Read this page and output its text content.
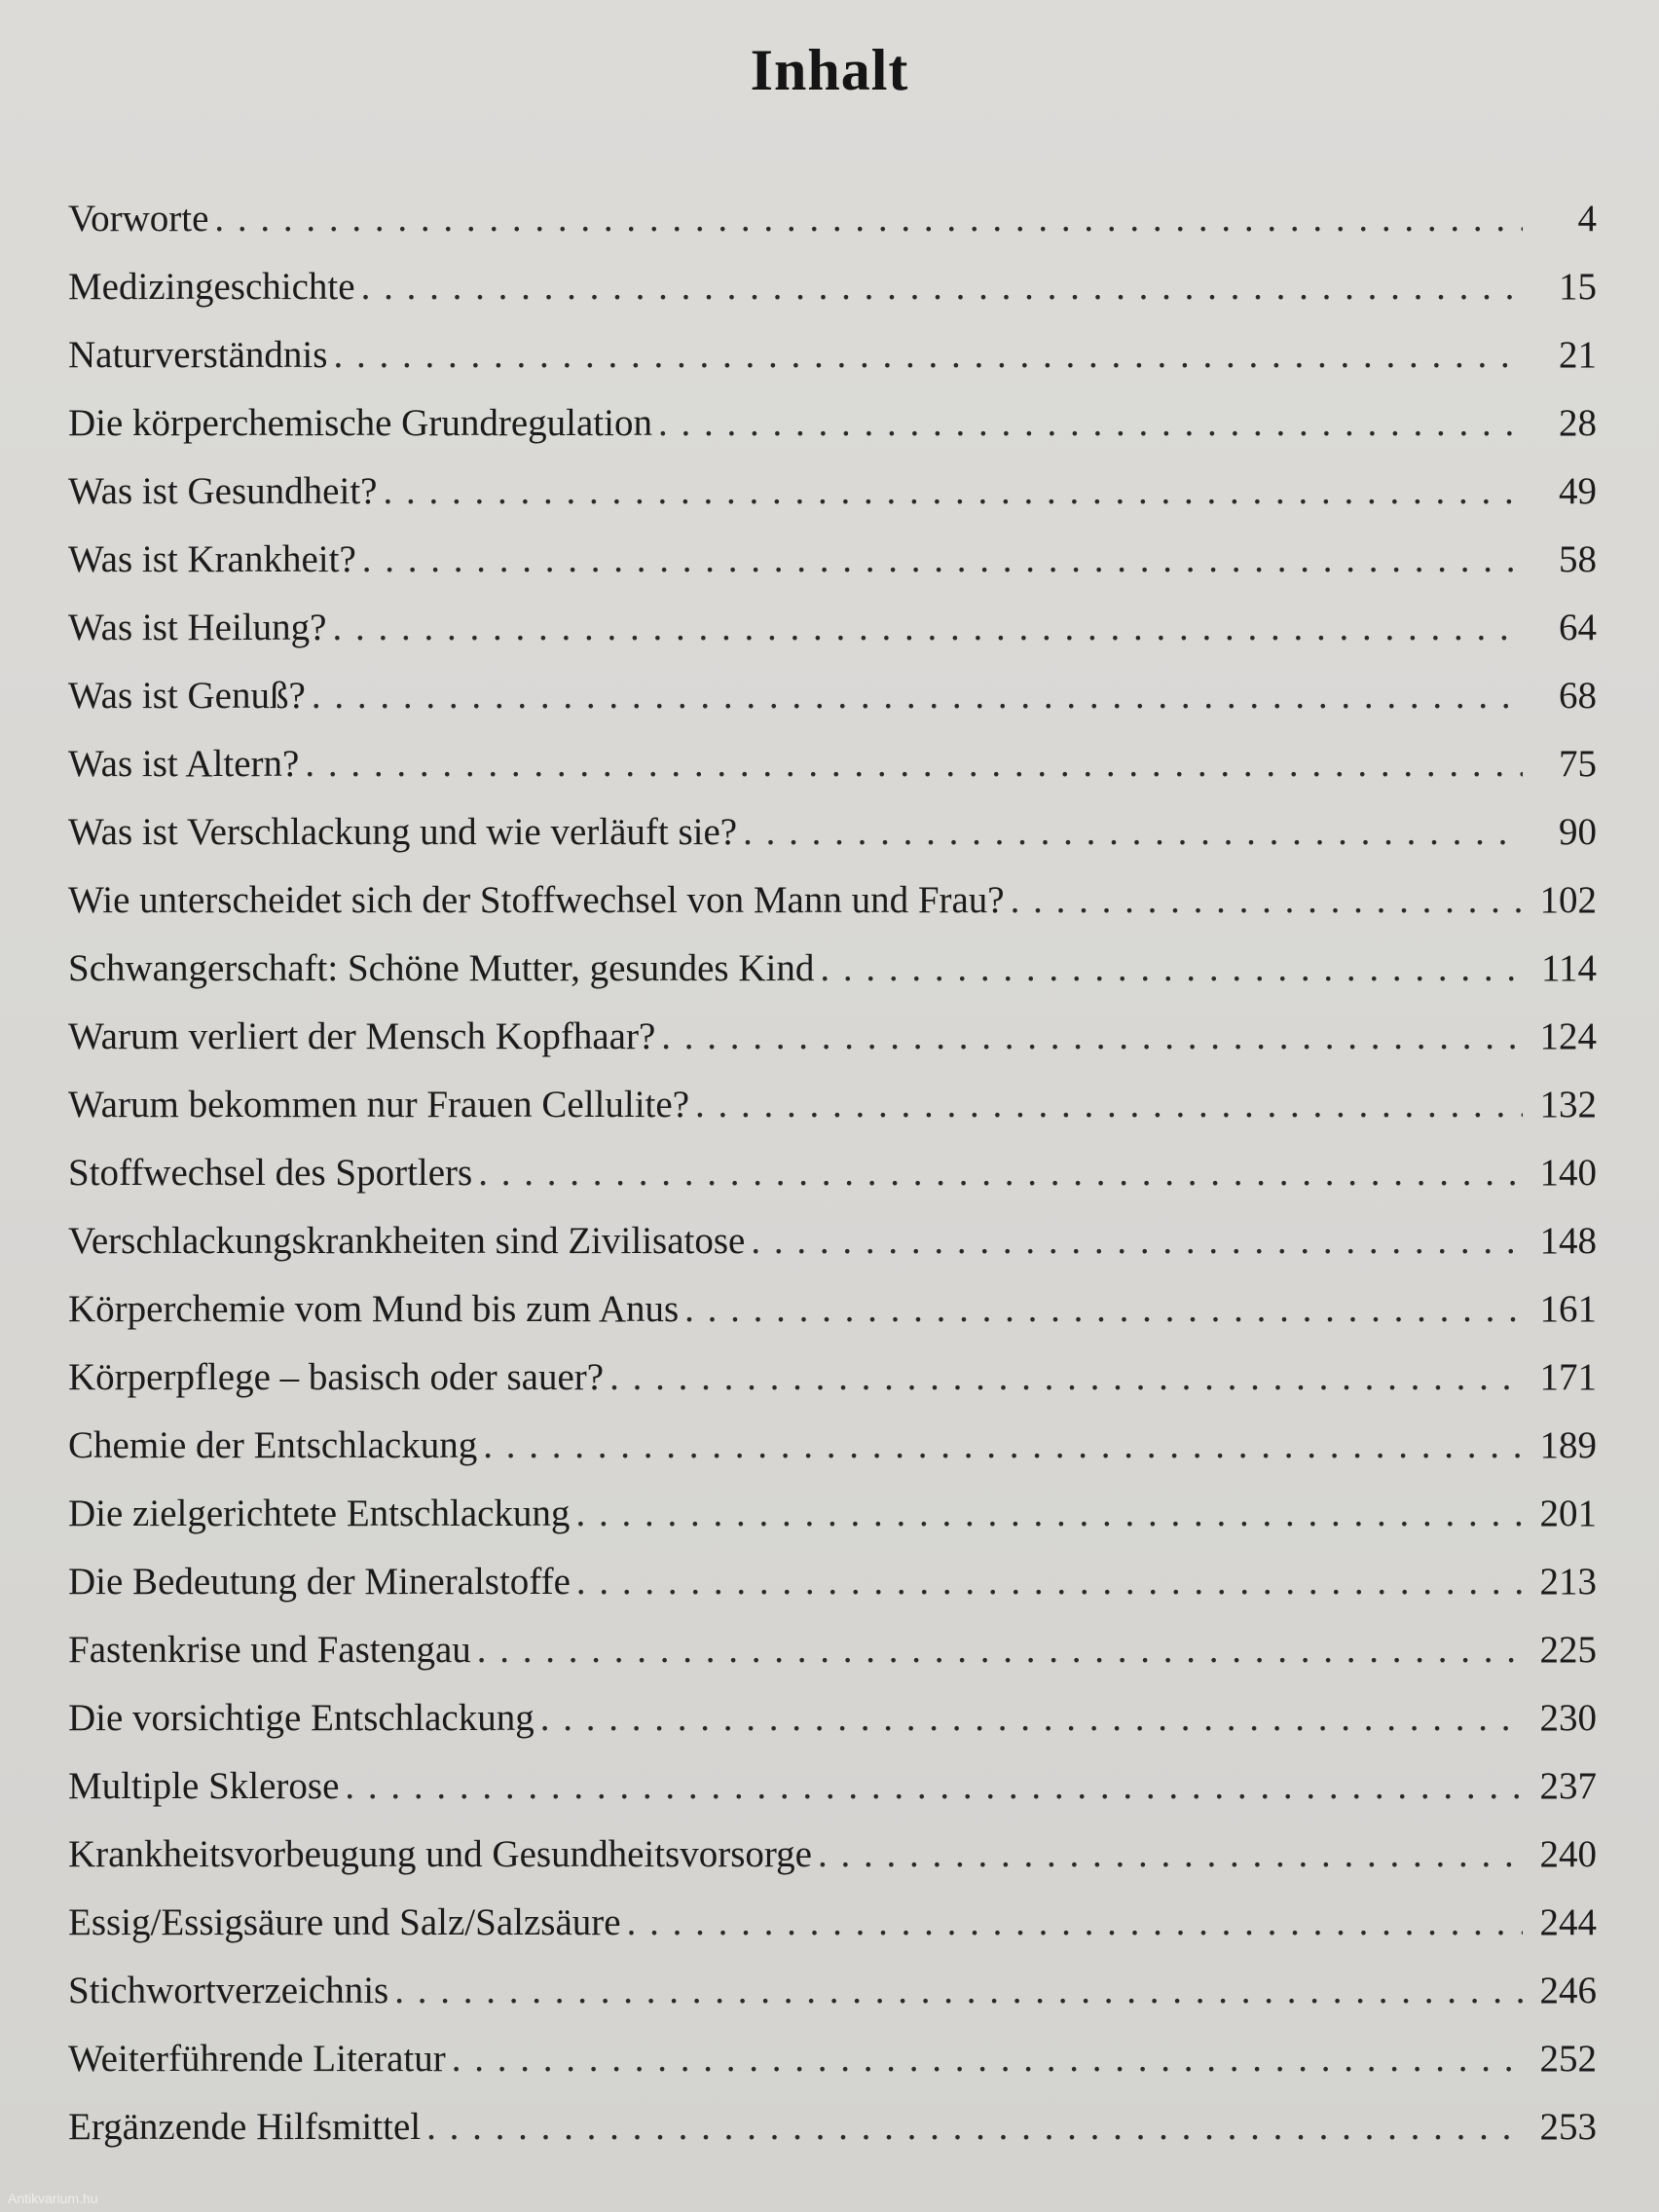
Inhalt
Vorworte . . .	4
Medizingeschichte . . .	15
Naturverständnis . . .	21
Die körperchemische Grundregulation . . .	28
Was ist Gesundheit? . . .	49
Was ist Krankheit? . . .	58
Was ist Heilung? . . .	64
Was ist Genuß? . . .	68
Was ist Altern? . . .	75
Was ist Verschlackung und wie verläuft sie? . . .	90
Wie unterscheidet sich der Stoffwechsel von Mann und Frau? . . .	102
Schwangerschaft: Schöne Mutter, gesundes Kind . . .	114
Warum verliert der Mensch Kopfhaar? . . .	124
Warum bekommen nur Frauen Cellulite? . . .	132
Stoffwechsel des Sportlers . . .	140
Verschlackungskrankheiten sind Zivilisatose . . .	148
Körperchemie vom Mund bis zum Anus . . .	161
Körperpflege – basisch oder sauer? . . .	171
Chemie der Entschlackung . . .	189
Die zielgerichtete Entschlackung . . .	201
Die Bedeutung der Mineralstoffe . . .	213
Fastenkrise und Fastengau . . .	225
Die vorsichtige Entschlackung . . .	230
Multiple Sklerose . . .	237
Krankheitsvorbeugung und Gesundheitsvorsorge . . .	240
Essig/Essigsäure und Salz/Salzsäure . . .	244
Stichwortverzeichnis . . .	246
Weiterführende Literatur . . .	252
Ergänzende Hilfsmittel . . .	253
Antikvarium.hu
